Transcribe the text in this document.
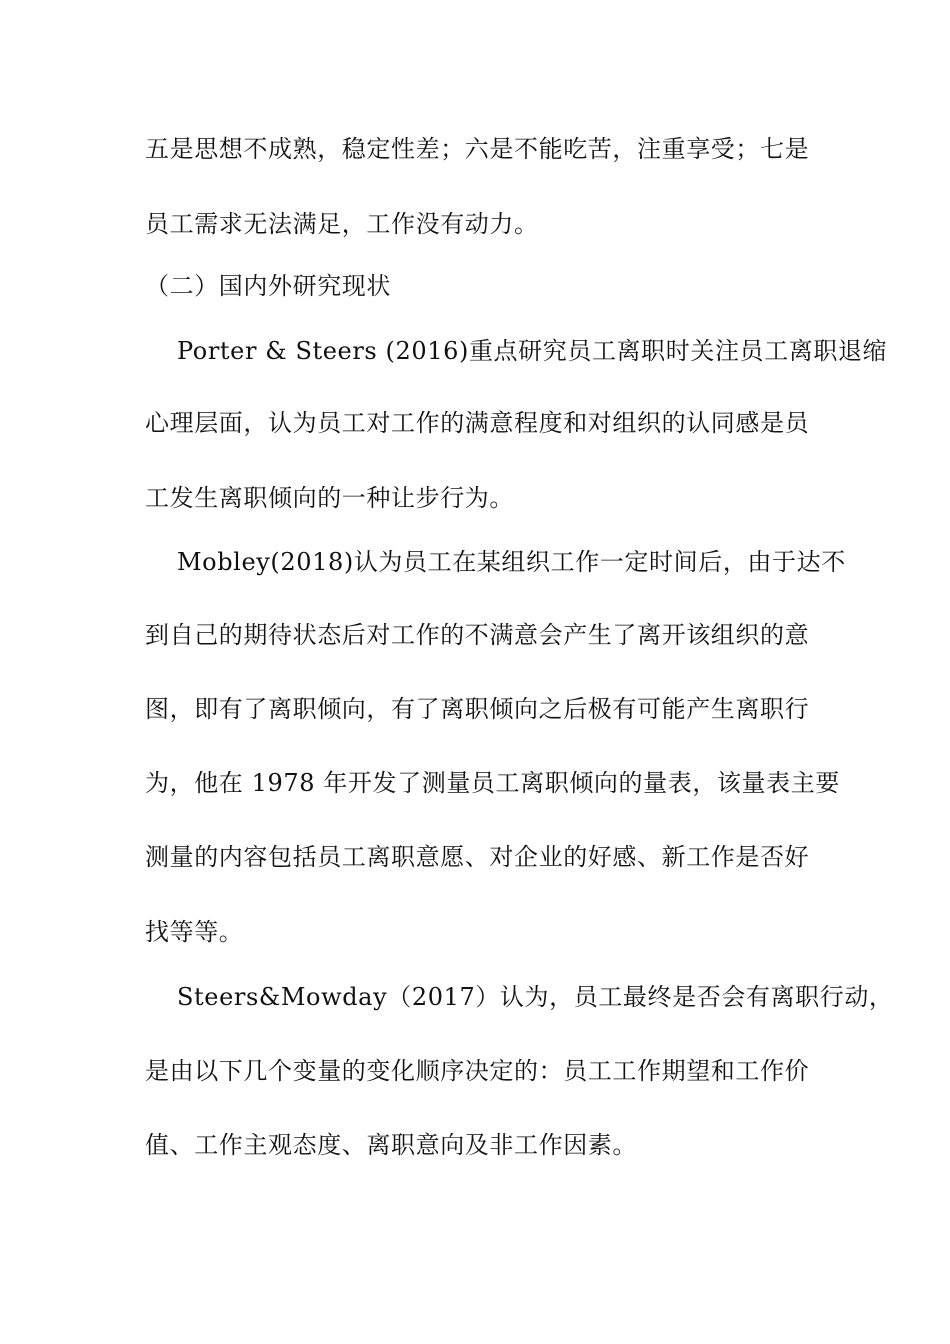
五是思想不成熟，稳定性差；六是不能吃苦，注重享受；七是
员工需求无法满足，工作没有动力。
（二）国内外研究现状
Porter & Steers (2016)重点研究员工离职时关注员工离职退缩
心理层面，认为员工对工作的满意程度和对组织的认同感是员
工发生离职倾向的一种让步行为。
Mobley(2018)认为员工在某组织工作一定时间后，由于达不
到自己的期待状态后对工作的不满意会产生了离开该组织的意
图，即有了离职倾向，有了离职倾向之后极有可能产生离职行
为，他在 1978 年开发了测量员工离职倾向的量表，该量表主要
测量的内容包括员工离职意愿、对企业的好感、新工作是否好
找等等。
Steers&Mowday（2017）认为，员工最终是否会有离职行动，
是由以下几个变量的变化顺序决定的：员工工作期望和工作价
值、工作主观态度、离职意向及非工作因素。
